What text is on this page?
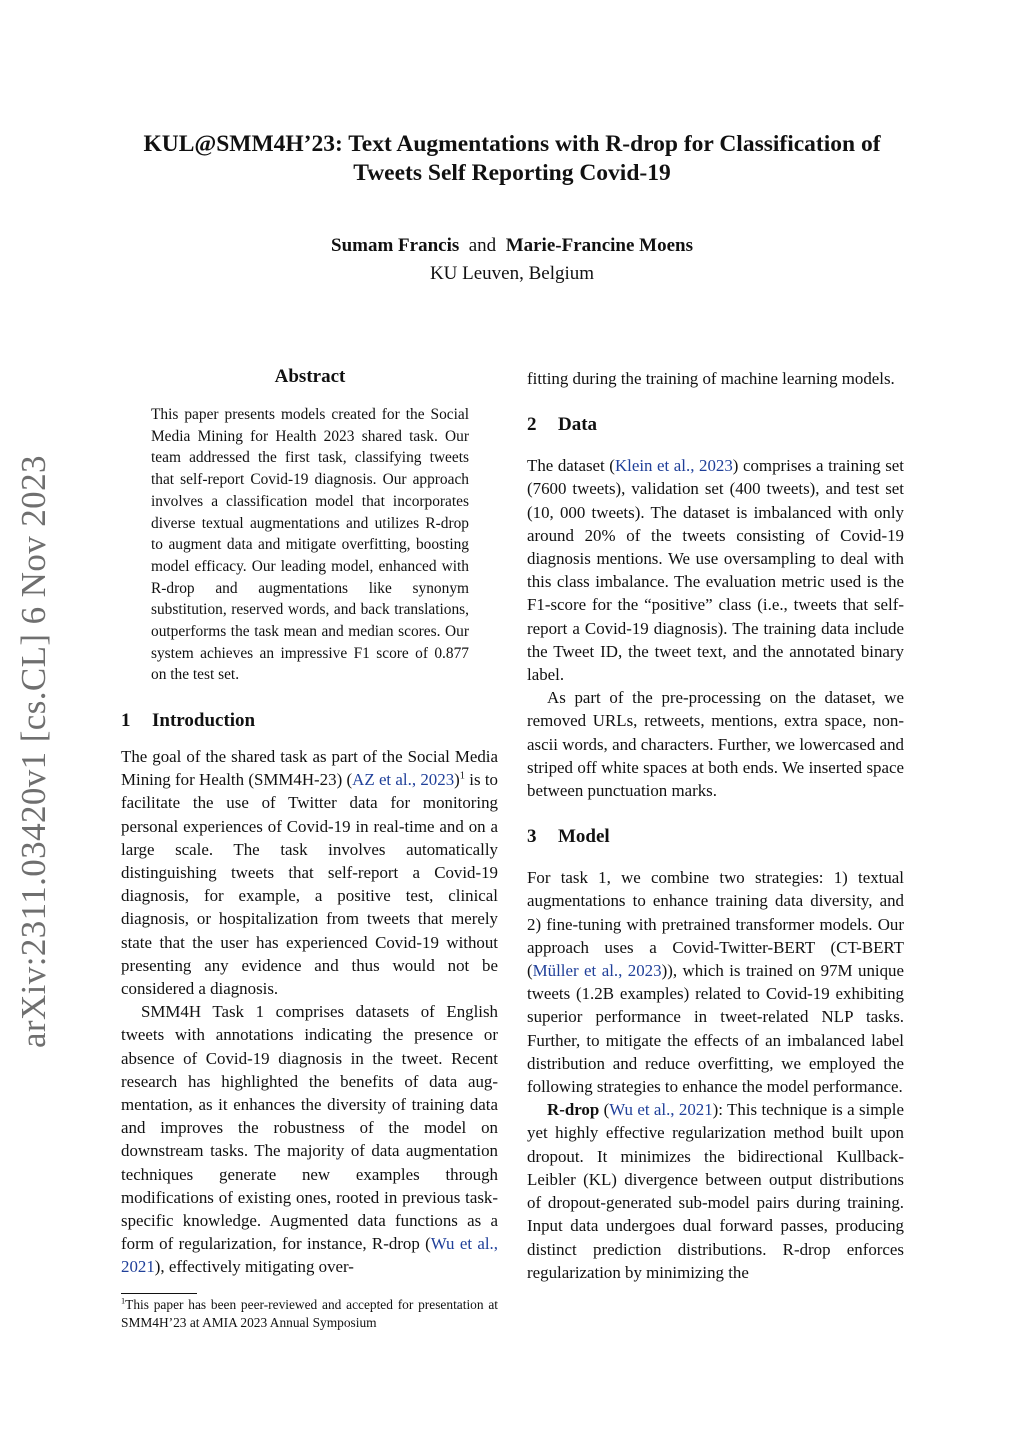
arXiv:2311.03420v1 [cs.CL] 6 Nov 2023
KUL@SMM4H’23: Text Augmentations with R-drop for Classification of
Tweets Self Reporting Covid-19
Sumam Francis and Marie-Francine Moens
KU Leuven, Belgium
Abstract
This paper presents models created for the Social Media Mining for Health 2023 shared task. Our team addressed the first task, classifying tweets that self-report Covid-19 diagnosis. Our approach involves a classification model that incorporates diverse textual augmentations and utilizes R-drop to augment data and mitigate overfitting, boosting model efficacy. Our leading model, enhanced with R-drop and augmentations like synonym substitution, reserved words, and back translations, outperforms the task mean and median scores. Our system achieves an impressive F1 score of 0.877 on the test set.
1 Introduction

The goal of the shared task as part of the Social Media Mining for Health (SMM4H-23) (AZ et al., 2023)$^1$ is to facilitate the use of Twitter data for monitoring personal experiences of Covid-19 in real-time and on a large scale. The task involves automatically distinguishing tweets that self-report a Covid-19 diagnosis, for example, a positive test, clinical diagnosis, or hospitalization from tweets that merely state that the user has experienced Covid-19 without presenting any evidence and thus would not be considered a diagnosis.

SMM4H Task 1 comprises datasets of English tweets with annotations indicating the presence or absence of Covid-19 diagnosis in the tweet. Recent research has highlighted the benefits of data augmentation, as it enhances the diversity of training data and improves the robustness of the model on downstream tasks. The majority of data augmentation techniques generate new examples through modifications of existing ones, rooted in previous task-specific knowledge. Augmented data functions as a form of regularization, for instance, R-drop (Wu et al., 2021), effectively mitigating over-

$^1$This paper has been peer-reviewed and accepted for presentation at SMM4H’23 at AMIA 2023 Annual Symposium

fitting during the training of machine learning models.

2 Data

The dataset (Klein et al., 2023) comprises a training set (7600 tweets), validation set (400 tweets), and test set (10, 000 tweets). The dataset is imbalanced with only around 20% of the tweets consisting of Covid-19 diagnosis mentions. We use oversampling to deal with this class imbalance. The evaluation metric used is the F1-score for the “positive” class (i.e., tweets that self-report a Covid-19 diagnosis). The training data include the Tweet ID, the tweet text, and the annotated binary label.

As part of the pre-processing on the dataset, we removed URLs, retweets, mentions, extra space, non-ascii words, and characters. Further, we lowercased and striped off white spaces at both ends. We inserted space between punctuation marks.

3 Model

For task 1, we combine two strategies: 1) textual augmentations to enhance training data diversity, and 2) fine-tuning with pretrained transformer models. Our approach uses a Covid-Twitter-BERT (CT-BERT (Müller et al., 2023)), which is trained on 97M unique tweets (1.2B examples) related to Covid-19 exhibiting superior performance in tweet-related NLP tasks. Further, to mitigate the effects of an imbalanced label distribution and reduce overfitting, we employed the following strategies to enhance the model performance.

R-drop (Wu et al., 2021): This technique is a simple yet highly effective regularization method built upon dropout. It minimizes the bidirectional Kullback-Leibler (KL) divergence between output distributions of dropout-generated sub-model pairs during training. Input data undergoes dual forward passes, producing distinct prediction distributions. R-drop enforces regularization by minimizing the
